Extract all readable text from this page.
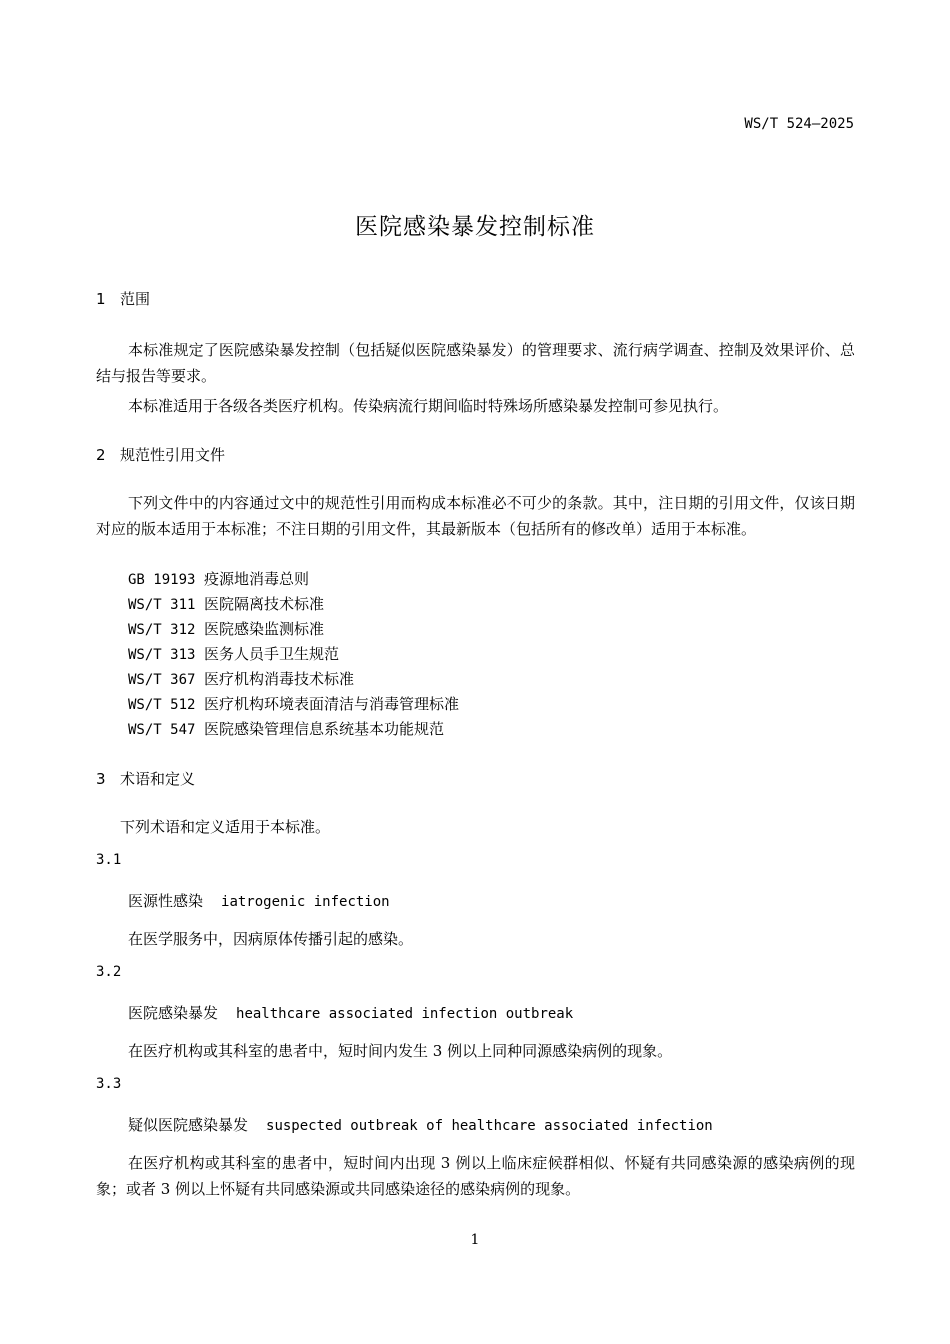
WS/T 524—2025
医院感染暴发控制标准
1 范围
本标准规定了医院感染暴发控制（包括疑似医院感染暴发）的管理要求、流行病学调查、控制及效果评价、总结与报告等要求。
本标准适用于各级各类医疗机构。传染病流行期间临时特殊场所感染暴发控制可参见执行。
2 规范性引用文件
下列文件中的内容通过文中的规范性引用而构成本标准必不可少的条款。其中，注日期的引用文件，仅该日期对应的版本适用于本标准；不注日期的引用文件，其最新版本（包括所有的修改单）适用于本标准。
GB 19193 疫源地消毒总则
WS/T 311 医院隔离技术标准
WS/T 312 医院感染监测标准
WS/T 313 医务人员手卫生规范
WS/T 367 医疗机构消毒技术标准
WS/T 512 医疗机构环境表面清洁与消毒管理标准
WS/T 547 医院感染管理信息系统基本功能规范
3 术语和定义
下列术语和定义适用于本标准。
3.1
医源性感染 iatrogenic infection
在医学服务中，因病原体传播引起的感染。
3.2
医院感染暴发 healthcare associated infection outbreak
在医疗机构或其科室的患者中，短时间内发生 3 例以上同种同源感染病例的现象。
3.3
疑似医院感染暴发 suspected outbreak of healthcare associated infection
在医疗机构或其科室的患者中，短时间内出现 3 例以上临床症候群相似、怀疑有共同感染源的感染病例的现象；或者 3 例以上怀疑有共同感染源或共同感染途径的感染病例的现象。
1
